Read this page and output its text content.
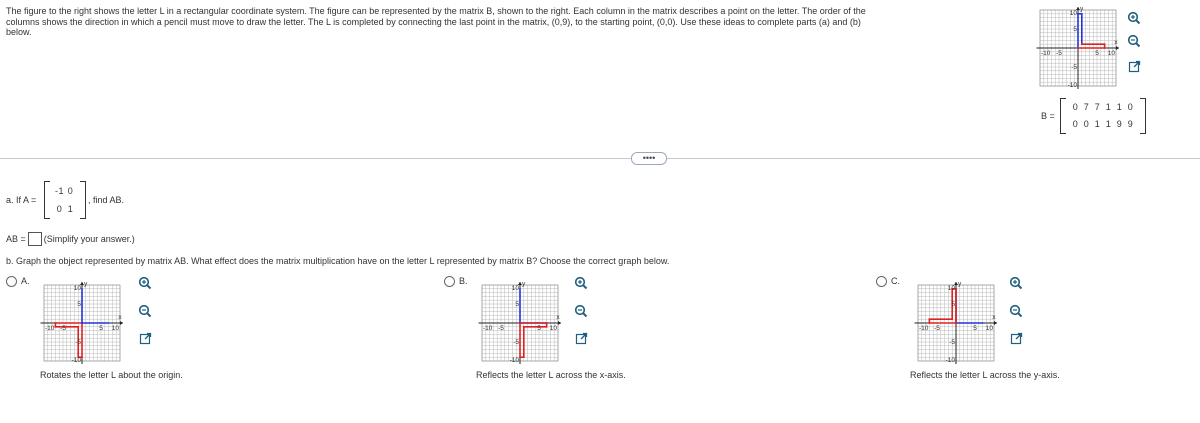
The figure to the right shows the letter L in a rectangular coordinate system. The figure can be represented by the matrix B, shown to the right. Each column in the matrix describes a point on the letter. The order of the columns shows the direction in which a pencil must move to draw the letter. The L is completed by connecting the last point in the matrix, (0,9), to the starting point, (0,0). Use these ideas to complete parts (a) and (b) below.
y
x
10
5
-5
-10
-10 -5	5 10
B =
0 7 7 1 1 0
0 0 1 1 9 9
••••
a. If A =
-1 0
0 1
, find AB.
AB = (Simplify your answer.)
b. Graph the object represented by matrix AB. What effect does the matrix multiplication have on the letter L represented by matrix B? Choose the correct graph below.
A.	y
x
10
5
-5
-10
-10 -5	5 10
Rotates the letter L about the origin.
B.	y
x
10
5
-5
-10
-10 -5	5 10
Reflects the letter L across the x-axis.
C.	y
x
10
5
-5
-10
-10 -5	5 10
Reflects the letter L across the y-axis.
